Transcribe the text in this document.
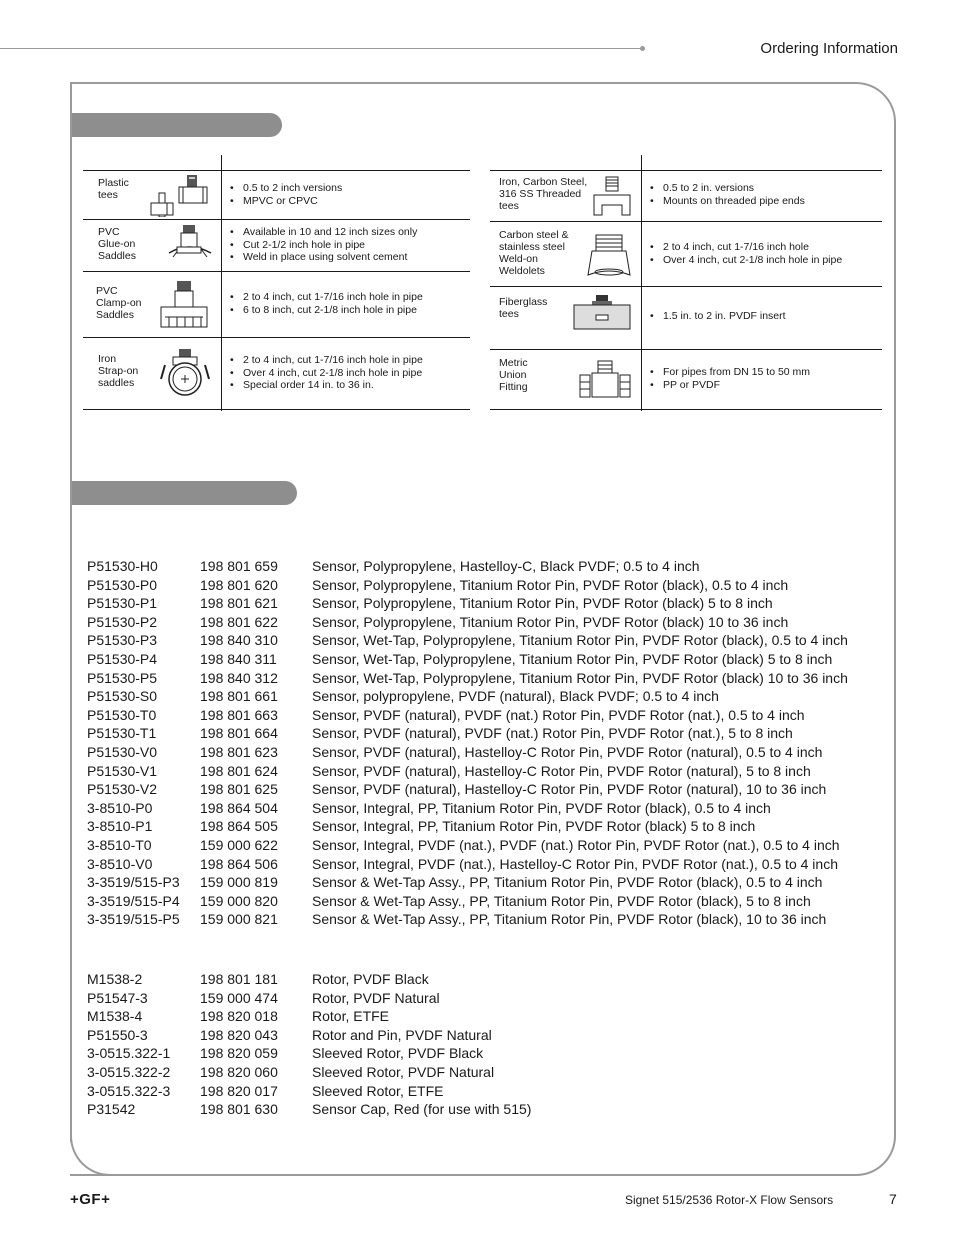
Ordering Information
Plastic
tees
• 0.5 to 2 inch versions
• MPVC or CPVC
PVC
Glue-on
Saddles
• Available in 10 and 12 inch sizes only
• Cut 2-1/2 inch hole in pipe
• Weld in place using solvent cement
PVC
Clamp-on
Saddles
• 2 to 4 inch, cut 1-7/16 inch hole in pipe
• 6 to 8 inch, cut 2-1/8 inch hole in pipe
Iron
Strap-on
saddles
• 2 to 4 inch, cut 1-7/16 inch hole in pipe
• Over 4 inch, cut 2-1/8 inch hole in pipe
• Special order 14 in. to 36 in.
Iron, Carbon Steel,
316 SS Threaded
tees
• 0.5 to 2 in. versions
• Mounts on threaded pipe ends
Carbon steel &
stainless steel
Weld-on
Weldolets
• 2 to 4 inch, cut 1-7/16 inch hole
• Over 4 inch, cut 2-1/8 inch hole in pipe
Fiberglass
tees
•	1.5 in. to 2 in. PVDF insert
Metric
Union
Fitting
• For pipes from DN 15 to 50 mm
• PP or PVDF
P51530-H0	198 801 659	Sensor, Polypropylene, Hastelloy-C, Black PVDF; 0.5 to 4 inch
P51530-P0	198 801 620	Sensor, Polypropylene, Titanium Rotor Pin, PVDF Rotor (black), 0.5 to 4 inch
P51530-P1	198 801 621	Sensor, Polypropylene, Titanium Rotor Pin, PVDF Rotor (black) 5 to 8 inch
P51530-P2	198 801 622	Sensor, Polypropylene, Titanium Rotor Pin, PVDF Rotor (black) 10 to 36 inch
P51530-P3	198 840 310	Sensor, Wet-Tap, Polypropylene, Titanium Rotor Pin, PVDF Rotor (black), 0.5 to 4 inch
P51530-P4	198 840 311	Sensor, Wet-Tap, Polypropylene, Titanium Rotor Pin, PVDF Rotor (black) 5 to 8 inch
P51530-P5	198 840 312	Sensor, Wet-Tap, Polypropylene, Titanium Rotor Pin, PVDF Rotor (black) 10 to 36 inch
P51530-S0	198 801 661	Sensor, polypropylene, PVDF (natural), Black PVDF; 0.5 to 4 inch
P51530-T0	198 801 663	Sensor, PVDF (natural), PVDF (nat.) Rotor Pin, PVDF Rotor (nat.), 0.5 to 4 inch
P51530-T1	198 801 664	Sensor, PVDF (natural), PVDF (nat.) Rotor Pin, PVDF Rotor (nat.), 5 to 8 inch
P51530-V0	198 801 623	Sensor, PVDF (natural), Hastelloy-C Rotor Pin, PVDF Rotor (natural), 0.5 to 4 inch
P51530-V1	198 801 624	Sensor, PVDF (natural), Hastelloy-C Rotor Pin, PVDF Rotor (natural), 5 to 8 inch
P51530-V2	198 801 625	Sensor, PVDF (natural), Hastelloy-C Rotor Pin, PVDF Rotor (natural), 10 to 36 inch
3-8510-P0	198 864 504	Sensor, Integral, PP, Titanium Rotor Pin, PVDF Rotor (black), 0.5 to 4 inch
3-8510-P1	198 864 505	Sensor, Integral, PP, Titanium Rotor Pin, PVDF Rotor (black) 5 to 8 inch
3-8510-T0	159 000 622	Sensor, Integral, PVDF (nat.), PVDF (nat.) Rotor Pin, PVDF Rotor (nat.), 0.5 to 4 inch
3-8510-V0	198 864 506	Sensor, Integral, PVDF (nat.), Hastelloy-C Rotor Pin, PVDF Rotor (nat.), 0.5 to 4 inch
3-3519/515-P3	159 000 819	Sensor & Wet-Tap Assy., PP, Titanium Rotor Pin, PVDF Rotor (black), 0.5 to 4 inch
3-3519/515-P4	159 000 820	Sensor & Wet-Tap Assy., PP, Titanium Rotor Pin, PVDF Rotor (black), 5 to 8 inch
3-3519/515-P5	159 000 821	Sensor & Wet-Tap Assy., PP, Titanium Rotor Pin, PVDF Rotor (black), 10 to 36 inch
M1538-2	198 801 181	Rotor, PVDF Black
P51547-3	159 000 474	Rotor, PVDF Natural
M1538-4	198 820 018	Rotor, ETFE
P51550-3	198 820 043	Rotor and Pin, PVDF Natural
3-0515.322-1	198 820 059	Sleeved Rotor, PVDF Black
3-0515.322-2	198 820 060	Sleeved Rotor, PVDF Natural
3-0515.322-3	198 820 017	Sleeved Rotor, ETFE
P31542	198 801 630	Sensor Cap, Red (for use with 515)
+GF+	Signet 515/2536 Rotor-X Flow Sensors	7
